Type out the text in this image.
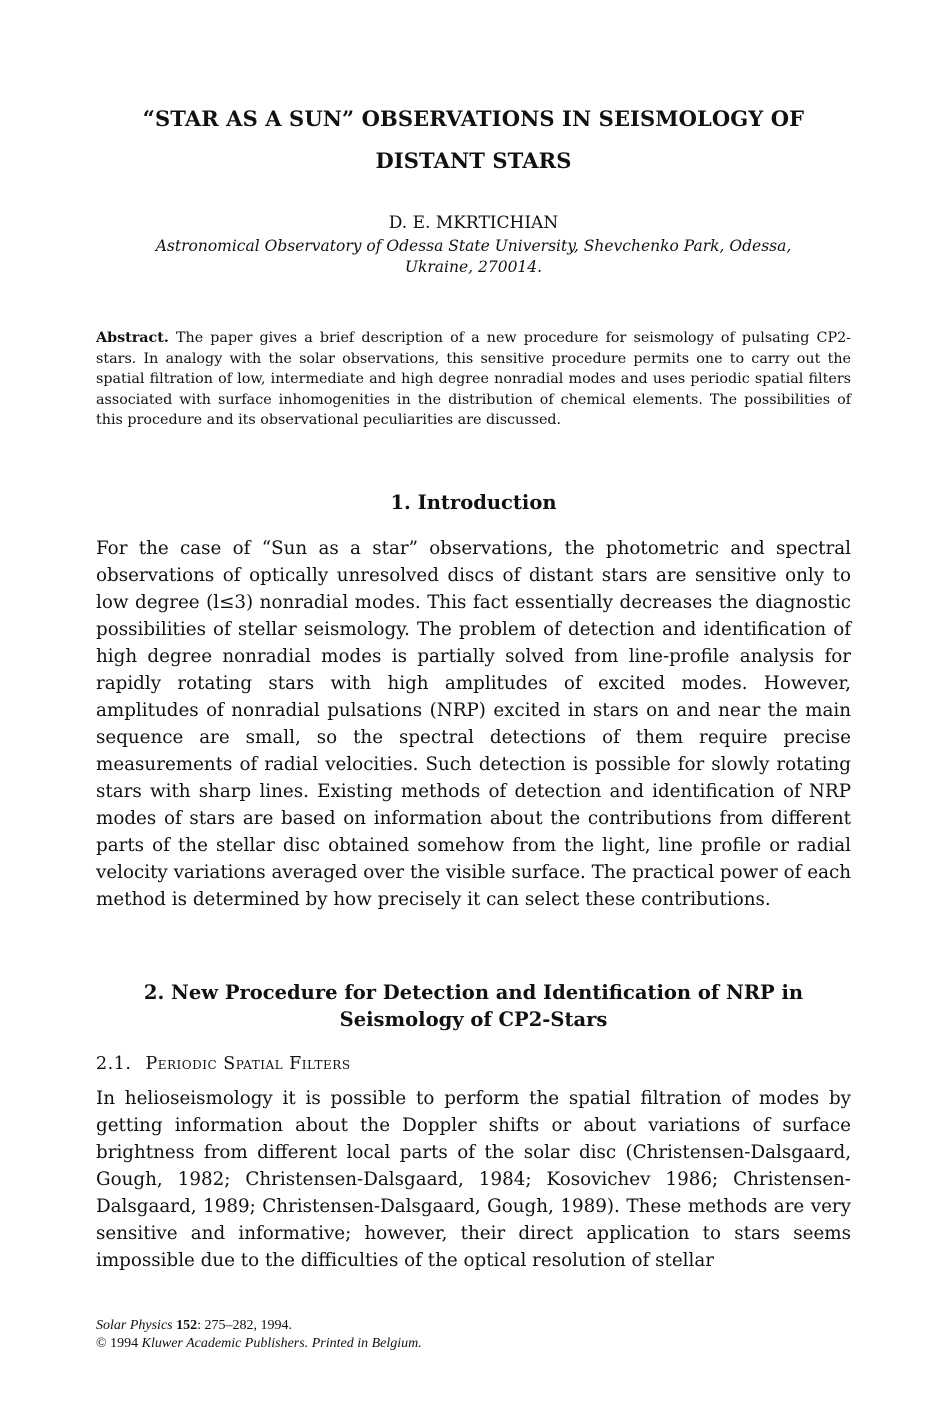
“STAR AS A SUN” OBSERVATIONS IN SEISMOLOGY OF
DISTANT STARS
D. E. MKRTICHIAN
Astronomical Observatory of Odessa State University, Shevchenko Park, Odessa,
Ukraine, 270014.
Abstract. The paper gives a brief description of a new procedure for seismology of pulsating CP2-stars. In analogy with the solar observations, this sensitive procedure permits one to carry out the spatial filtration of low, intermediate and high degree nonradial modes and uses periodic spatial filters associated with surface inhomogenities in the distribution of chemical elements. The possibilities of this procedure and its observational peculiarities are discussed.
1. Introduction
For the case of “Sun as a star” observations, the photometric and spectral observations of optically unresolved discs of distant stars are sensitive only to low degree (l≤3) nonradial modes. This fact essentially decreases the diagnostic possibilities of stellar seismology. The problem of detection and identification of high degree nonradial modes is partially solved from line-profile analysis for rapidly rotating stars with high amplitudes of excited modes. However, amplitudes of nonradial pulsations (NRP) excited in stars on and near the main sequence are small, so the spectral detections of them require precise measurements of radial velocities. Such detection is possible for slowly rotating stars with sharp lines. Existing methods of detection and identification of NRP modes of stars are based on information about the contributions from different parts of the stellar disc obtained somehow from the light, line profile or radial velocity variations averaged over the visible surface. The practical power of each method is determined by how precisely it can select these contributions.
2. New Procedure for Detection and Identification of NRP in
Seismology of CP2-Stars
2.1. Periodic Spatial Filters
In helioseismology it is possible to perform the spatial filtration of modes by getting information about the Doppler shifts or about variations of surface brightness from different local parts of the solar disc (Christensen-Dalsgaard, Gough, 1982; Christensen-Dalsgaard, 1984; Kosovichev 1986; Christensen-Dalsgaard, 1989; Christensen-Dalsgaard, Gough, 1989). These methods are very sensitive and informative; however, their direct application to stars seems impossible due to the difficulties of the optical resolution of stellar
Solar Physics 152: 275–282, 1994.
© 1994 Kluwer Academic Publishers. Printed in Belgium.
